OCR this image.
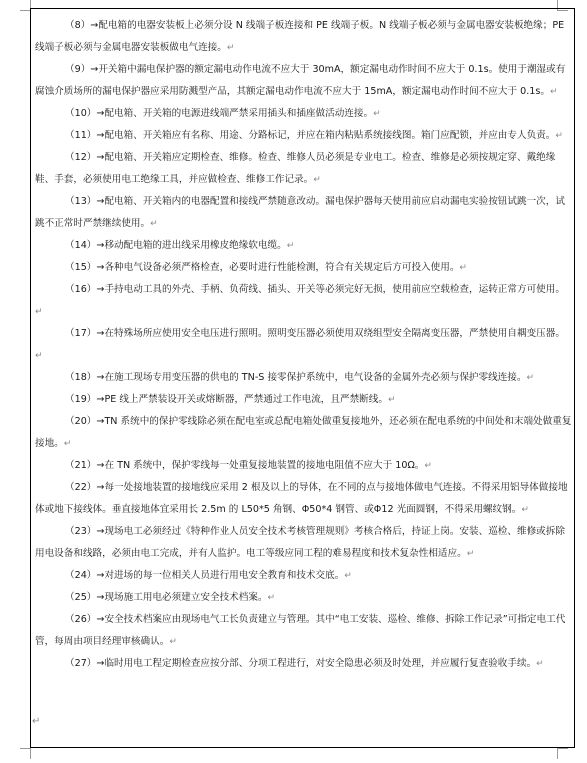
（8）→配电箱的电器安装板上必须分设 N 线端子板连接和 PE 线端子板。N 线端子板必须与金属电器安装板绝缘；PE 线端子板必须与金属电器安装板做电气连接。↵

（9）→开关箱中漏电保护器的额定漏电动作电流不应大于 30mA，额定漏电动作时间不应大于 0.1s。使用于潮湿或有腐蚀介质场所的漏电保护器应采用防溅型产品，其额定漏电动作电流不应大于 15mA，额定漏电动作时间不应大于 0.1s。↵

（10）→配电箱、开关箱的电源进线端严禁采用插头和插座做活动连接。↵

（11）→配电箱、开关箱应有名称、用途、分路标记，并应在箱内粘贴系统接线图。箱门应配锁，并应由专人负责。↵

（12）→配电箱、开关箱应定期检查、维修。检查、维修人员必须是专业电工。检查、维修是必须按规定穿、戴绝缘鞋、手套，必须使用电工绝缘工具，并应做检查、维修工作记录。↵

（13）→配电箱、开关箱内的电器配置和接线严禁随意改动。漏电保护器每天使用前应启动漏电实验按钮试跳一次，试跳不正常时严禁继续使用。↵

（14）→移动配电箱的进出线采用橡皮绝缘软电缆。↵

（15）→各种电气设备必须严格检查，必要时进行性能检测，符合有关规定后方可投入使用。↵

（16）→手持电动工具的外壳、手柄、负荷线、插头、开关等必须完好无损，使用前应空载检查，运转正常方可使用。↵

（17）→在特殊场所应使用安全电压进行照明。照明变压器必须使用双绕组型安全隔离变压器，严禁使用自耦变压器。↵

（18）→在施工现场专用变压器的供电的 TN-S 接零保护系统中，电气设备的金属外壳必须与保护零线连接。↵

（19）→PE 线上严禁装设开关或熔断器，严禁通过工作电流，且严禁断线。↵

（20）→TN 系统中的保护零线除必须在配电室或总配电箱处做重复接地外，还必须在配电系统的中间处和末端处做重复接地。↵

（21）→在 TN 系统中，保护零线每一处重复接地装置的接地电阻值不应大于 10Ω。↵

（22）→每一处接地装置的接地线应采用 2 根及以上的导体，在不同的点与接地体做电气连接。不得采用铝导体做接地体或地下接线体。垂直接地体宜采用长 2.5m 的 L50*5 角钢、Φ50*4 钢管、或Φ12 光面圆钢，不得采用螺纹钢。↵

（23）→现场电工必须经过《特种作业人员安全技术考核管理规则》考核合格后，持证上岗。安装、巡检、维修或拆除用电设备和线路，必须由电工完成，并有人监护。电工等级应同工程的难易程度和技术复杂性相适应。↵

（24）→对进场的每一位相关人员进行用电安全教育和技术交底。↵

（25）→现场施工用电必须建立安全技术档案。↵

（26）→安全技术档案应由现场电气工长负责建立与管理。其中“电工安装、巡检、维修、拆除工作记录”可指定电工代管，每周由项目经理审核确认。↵

（27）→临时用电工程定期检查应按分部、分项工程进行，对安全隐患必须及时处理，并应履行复查验收手续。↵

↵
